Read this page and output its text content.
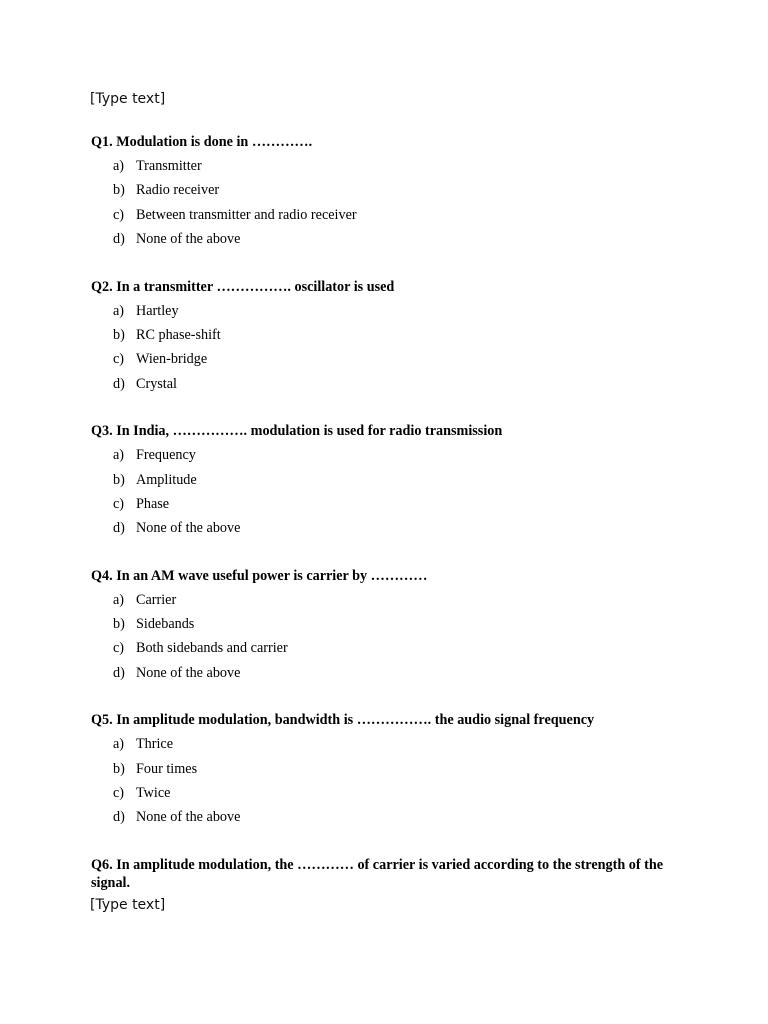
[Type text]
Q1. Modulation is done in ………….
a) Transmitter
b) Radio receiver
c) Between transmitter and radio receiver
d) None of the above
Q2. In a transmitter ……………. oscillator is used
a) Hartley
b) RC phase-shift
c) Wien-bridge
d) Crystal
Q3. In India, ……………. modulation is used for radio transmission
a) Frequency
b) Amplitude
c) Phase
d) None of the above
Q4. In an AM wave useful power is carrier by …………
a) Carrier
b) Sidebands
c) Both sidebands and carrier
d) None of the above
Q5. In amplitude modulation, bandwidth is ……………. the audio signal frequency
a) Thrice
b) Four times
c) Twice
d) None of the above
Q6. In amplitude modulation, the ………… of carrier is varied according to the strength of the signal.
[Type text]
